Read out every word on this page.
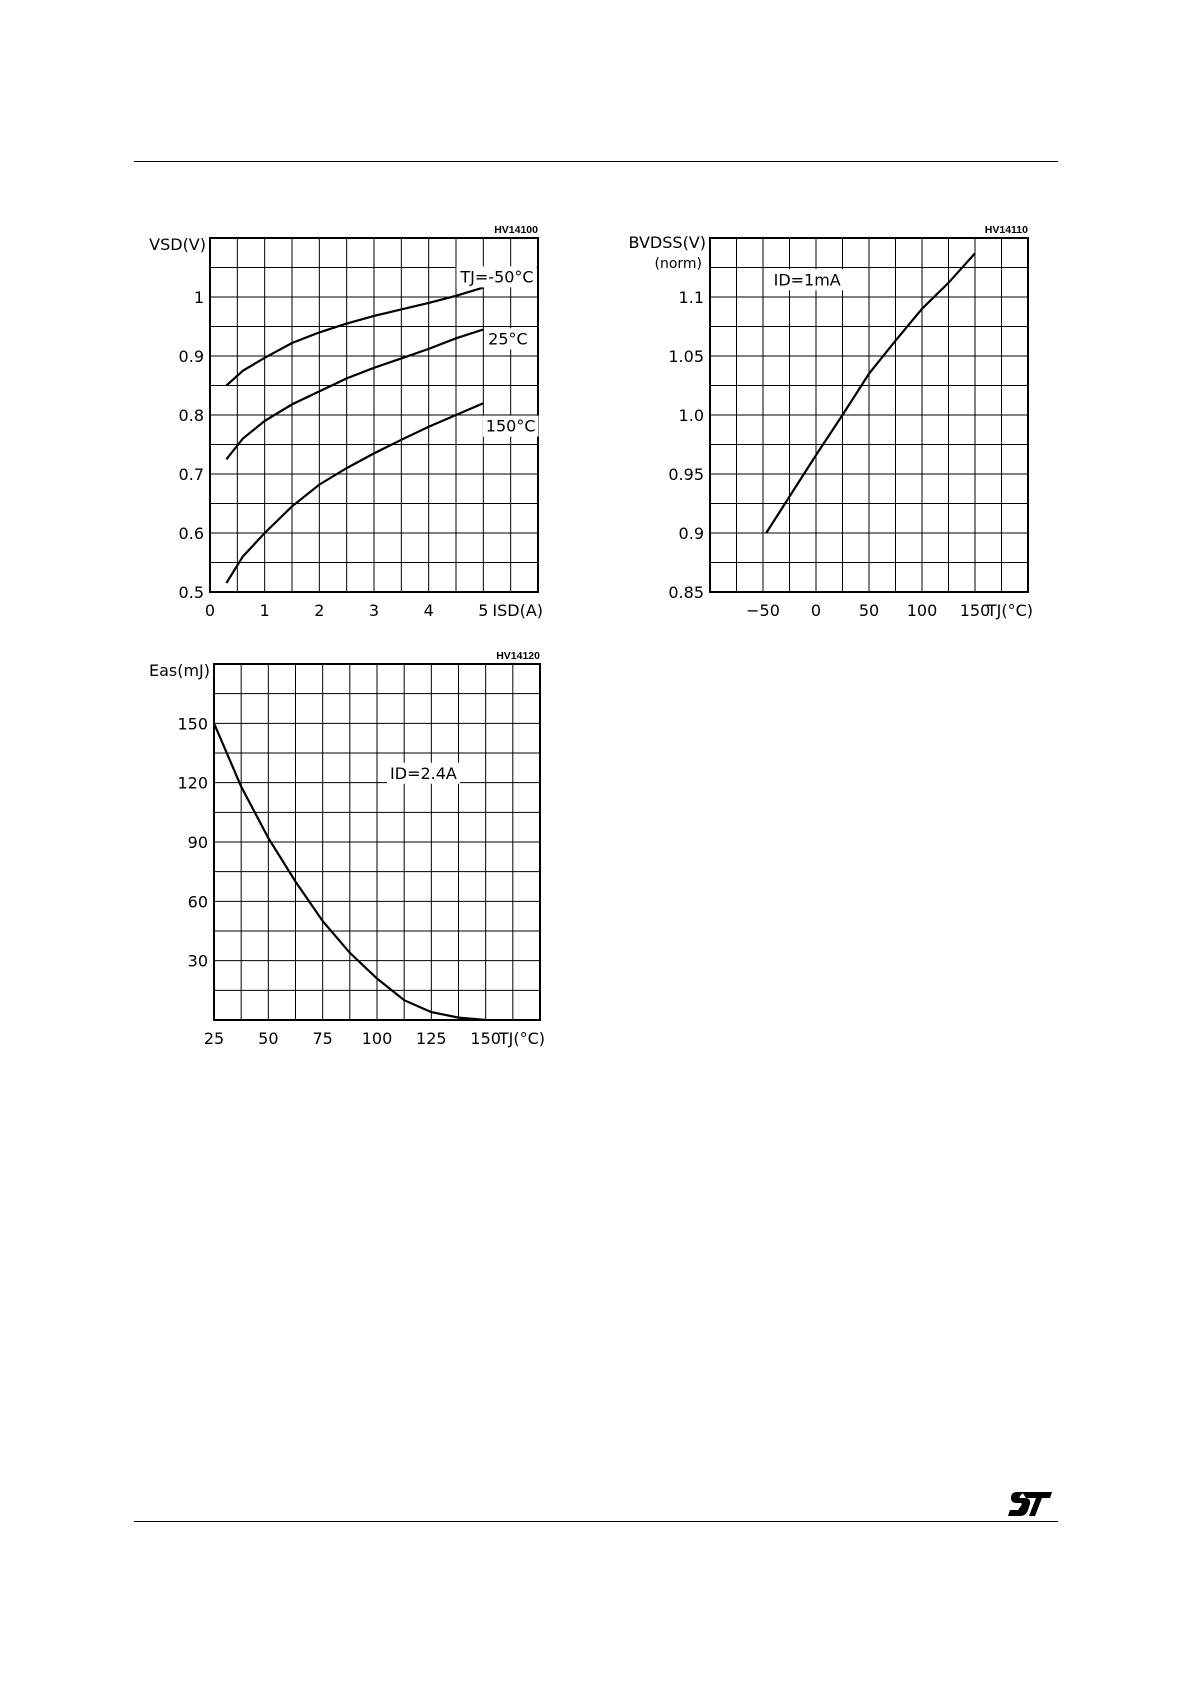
HV14100
0.5
0.6
0.7
0.8
0.9
1
0	1	2	3	4	5
VSD(V)
ISD(A)
TJ=-50°C
25°C
150°C
HV14110
0.85
0.9
0.95
1.0
1.05
1.1
−50 0 50 100 150
BVDSS(V)
(norm)
TJ(°C)
ID=1mA
HV14120
30
60
90
120
150
25 50 75 100 125 150
Eas(mJ)
TJ(°C)
ID=2.4A
